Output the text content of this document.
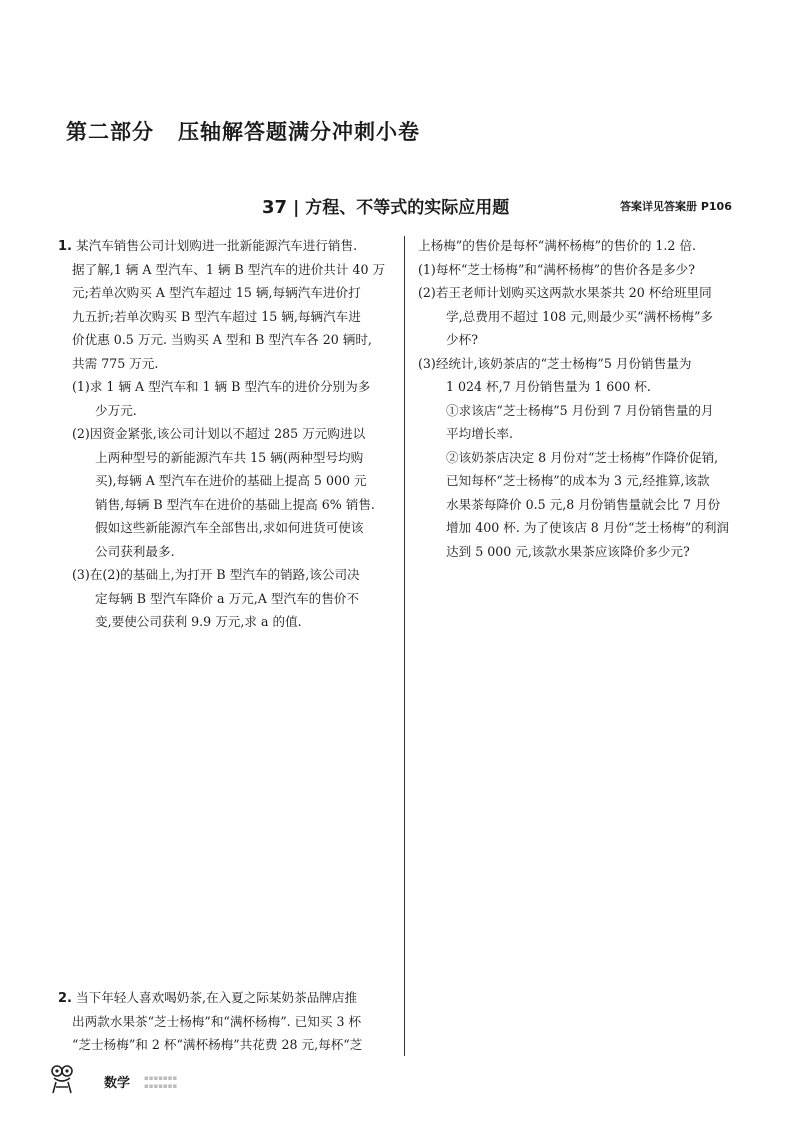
第二部分 压轴解答题满分冲刺小卷
37 | 方程、不等式的实际应用题	答案详见答案册 P106
1. 某汽车销售公司计划购进一批新能源汽车进行销售.
据了解,1 辆 A 型汽车、1 辆 B 型汽车的进价共计 40 万
元;若单次购买 A 型汽车超过 15 辆,每辆汽车进价打
九五折;若单次购买 B 型汽车超过 15 辆,每辆汽车进
价优惠 0.5 万元. 当购买 A 型和 B 型汽车各 20 辆时,
共需 775 万元.
(1)求 1 辆 A 型汽车和 1 辆 B 型汽车的进价分别为多
少万元.
(2)因资金紧张,该公司计划以不超过 285 万元购进以
上两种型号的新能源汽车共 15 辆(两种型号均购
买),每辆 A 型汽车在进价的基础上提高 5 000 元
销售,每辆 B 型汽车在进价的基础上提高 6% 销售.
假如这些新能源汽车全部售出,求如何进货可使该
公司获利最多.
(3)在(2)的基础上,为打开 B 型汽车的销路,该公司决
定每辆 B 型汽车降价 a 万元,A 型汽车的售价不
变,要使公司获利 9.9 万元,求 a 的值.
2. 当下年轻人喜欢喝奶茶,在入夏之际某奶茶品牌店推
出两款水果茶“芝士杨梅”和“满杯杨梅”. 已知买 3 杯
“芝士杨梅”和 2 杯“满杯杨梅”共花费 28 元,每杯“芝
上杨梅”的售价是每杯“满杯杨梅”的售价的 1.2 倍.
(1)每杯“芝士杨梅”和“满杯杨梅”的售价各是多少?
(2)若王老师计划购买这两款水果茶共 20 杯给班里同
学,总费用不超过 108 元,则最少买“满杯杨梅”多
少杯?
(3)经统计,该奶茶店的“芝士杨梅”5 月份销售量为
1 024 杯,7 月份销售量为 1 600 杯.
①求该店“芝士杨梅”5 月份到 7 月份销售量的月
平均增长率.
②该奶茶店决定 8 月份对“芝士杨梅”作降价促销,
已知每杯“芝士杨梅”的成本为 3 元,经推算,该款
水果茶每降价 0.5 元,8 月份销售量就会比 7 月份
增加 400 杯. 为了使该店 8 月份“芝士杨梅”的利润
达到 5 000 元,该款水果茶应该降价多少元?
数学 ▪▪▪▪▪▪▪
▪▪▪▪▪▪▪
